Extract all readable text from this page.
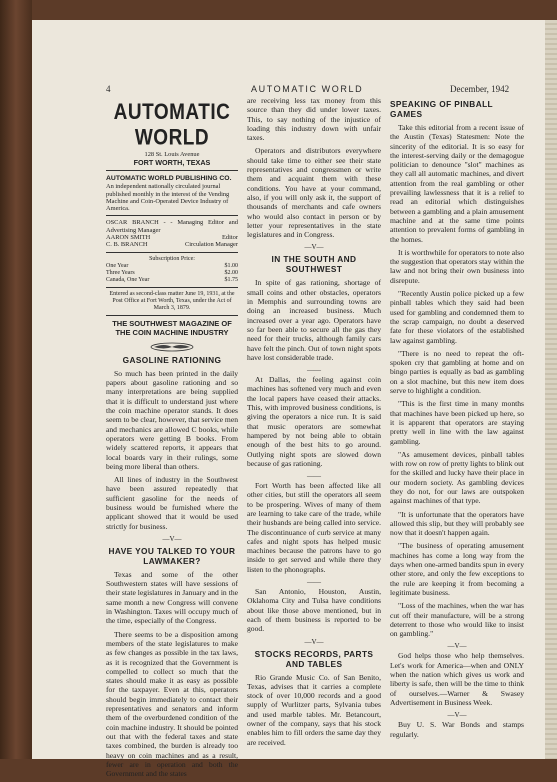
4	AUTOMATIC WORLD	December, 1942
AUTOMATIC WORLD
128 St. Louis Avenue
FORT WORTH, TEXAS
AUTOMATIC WORLD PUBLISHING CO.

An independent nationally circulated journal published monthly in the interest of the Vending Machine and Coin-Operated Device Industry of America.

OSCAR BRANCH - - Managing Editor and Advertising Manager
AARON SMITH	Editor
C. B. BRANCH	Circulation Manager
Subscription Price:
One Year	$1.00
Three Years	$2.00
Canada, One Year	$1.75
Entered as second-class matter June 19, 1931, at the Post Office at Fort Worth, Texas, under the Act of March 3, 1879.
THE SOUTHWEST MAGAZINE OF THE COIN MACHINE INDUSTRY
GASOLINE RATIONING

So much has been printed in the daily papers about gasoline rationing and so many interpretations are being supplied that it is difficult to understand just where the coin machine operator stands. It does seem to be clear, however, that service men and mechanics are allowed C books, while operators were getting B books. From widely scattered reports, it appears that local boards vary in their rulings, some being more liberal than others.

All lines of industry in the Southwest have been assured repeatedly that sufficient gasoline for the needs of business would be furnished where the applicant showed that it would be used strictly for business.

—V—
HAVE YOU TALKED TO YOUR LAWMAKER?

Texas and some of the other Southwestern states will have sessions of their state legislatures in January and in the same month a new Congress will convene in Washington. Taxes will occupy much of the time, especially of the Congress.

There seems to be a disposition among members of the state legislatures to make as few changes as possible in the tax laws, as it is recognized that the Government is compelled to collect so much that the states should make it as easy as possible for the taxpayer. Even at this, operators should begin immediately to contact their representatives and senators and inform them of the overburdened condition of the coin machine industry. It should be pointed out that with the federal taxes and state taxes combined, the burden is already too heavy on coin machines and as a result, fewer are in operation and both the Government and the states

are receiving less tax money from this source than they did under lower taxes. This, to say nothing of the injustice of loading this industry down with unfair taxes.

Operators and distributors everywhere should take time to either see their state representatives and congressmen or write them and acquaint them with these conditions. You have at your command, also, if you will only ask it, the support of thousands of merchants and cafe owners who would also contact in person or by letter your representatives in the state legislatures and in Congress.

—V—
IN THE SOUTH AND SOUTHWEST

In spite of gas rationing, shortage of small coins and other obstacles, operators in Memphis and surrounding towns are doing an increased business. Much increased over a year ago. Operators have so far been able to secure all the gas they need for their trucks, although family cars have felt the pinch. Out of town night spots have lost considerable trade.

——

At Dallas, the feeling against coin machines has softened very much and even the local papers have ceased their attacks. This, with improved business conditions, is giving the operators a nice run. It is said that music operators are somewhat hampered by not being able to obtain enough of the best hits to go around. Outlying night spots are slowed down because of gas rationing.

——

Fort Worth has been affected like all other cities, but still the operators all seem to be prospering. Wives of many of them are learning to take care of the trade, while their husbands are being called into service. The discontinuance of curb service at many cafes and night spots has helped music machines because the patrons have to go inside to get served and while there they listen to the phonographs.

——

San Antonio, Houston, Austin, Oklahoma City and Tulsa have conditions about like those above mentioned, but in each of them business is reported to be good.

—V—
STOCKS RECORDS, PARTS AND TABLES

Rio Grande Music Co. of San Benito, Texas, advises that it carries a complete stock of over 10,000 records and a good supply of Wurlitzer parts, Sylvania tubes and used marble tables. Mr. Betancourt, owner of the company, says that his stock enables him to fill orders the same day they are received.

SPEAKING OF PINBALL GAMES

Take this editorial from a recent issue of the Austin (Texas) Statesmen: Note the sincerity of the editorial. It is so easy for the interest-serving daily or the demagogue politician to denounce "slot" machines as they call all automatic machines, and divert attention from the real gambling or other prevailing lawlessness that it is a relief to read an editorial which distinguishes between a gambling and a plain amusement machine and at the same time points attention to prevalent forms of gambling in the homes.

It is worthwhile for operators to note also the suggestion that operators stay within the law and not bring their own business into disrepute.

"Recently Austin police picked up a few pinball tables which they said had been used for gambling and condemned them to the scrap campaign, no doubt a deserved fate for these violators of the established law against gambling.

"There is no need to repeat the oft-spoken cry that gambling at home and on bingo parties is equally as bad as gambling on a slot machine, but this new item does serve to highlight a condition.

"This is the first time in many months that machines have been picked up here, so it is apparent that operators are staying pretty well in line with the law against gambling.

"As amusement devices, pinball tables with row on row of pretty lights to blink out for the skilled and lucky have their place in our modern society. As gambling devices they do not, for our laws are outspoken against machines of that type.

"It is unfortunate that the operators have allowed this slip, but they will probably see now that it doesn't happen again.

"The business of operating amusement machines has come a long way from the days when one-armed bandits spun in every other store, and only the few exceptions to the rule are keeping it from becoming a legitimate business.

"Loss of the machines, when the war has cut off their manufacture, will be a strong deterrent to those who would like to insist on gambling."

—V—

God helps those who help themselves. Let's work for America—when and ONLY when the nation which gives us work and liberty is safe, then will be the time to think of ourselves.—Warner & Swasey Advertisement in Business Week.

—V—

Buy U. S. War Bonds and stamps regularly.
